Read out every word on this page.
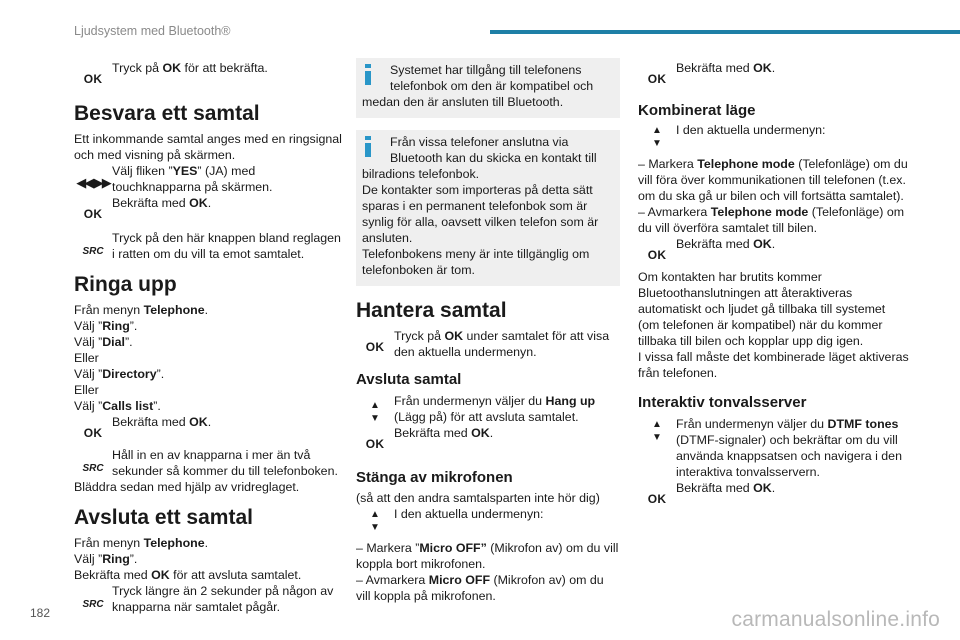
Ljudsystem med Bluetooth®
OK

Tryck på OK för att bekräfta.

Besvara ett samtal

Ett inkommande samtal anges med en ringsignal och med visning på skärmen.

◀◀ ▶▶

Välj fliken ”YES” (JA) med touchknapparna på skärmen.

OK

Bekräfta med OK.

SRC

Tryck på den här knappen bland reglagen i ratten om du vill ta emot samtalet.

Ringa upp

Från menyn Telephone.

Välj ”Ring”.

Välj ”Dial”.

Eller

Välj ”Directory”.

Eller

Välj ”Calls list”.

OK

Bekräfta med OK.

SRC

Håll in en av knapparna i mer än två sekunder så kommer du till telefonboken.

Bläddra sedan med hjälp av vridreglaget.

Avsluta ett samtal

Från menyn Telephone.

Välj ”Ring”.

Bekräfta med OK för att avsluta samtalet.

SRC

Tryck längre än 2 sekunder på någon av knapparna när samtalet pågår.

Systemet har tillgång till telefonens telefonbok om den är kompatibel och

medan den är ansluten till Bluetooth.

Från vissa telefoner anslutna via Bluetooth kan du skicka en kontakt till

bilradions telefonbok.

De kontakter som importeras på detta sätt sparas i en permanent telefonbok som är synlig för alla, oavsett vilken telefon som är ansluten.

Telefonbokens meny är inte tillgänglig om telefonboken är tom.

Hantera samtal
OK

Tryck på OK under samtalet för att visa den aktuella undermenyn.

Avsluta samtal
▲
▼

Från undermenyn väljer du Hang up (Lägg på) för att avsluta samtalet.

OK

Bekräfta med OK.

Stänga av mikrofonen

(så att den andra samtalsparten inte hör dig)

▲
▼

I den aktuella undermenyn:

– Markera ”Micro OFF” (Mikrofon av) om du vill koppla bort mikrofonen.

– Avmarkera Micro OFF (Mikrofon av) om du vill koppla på mikrofonen.

OK

Bekräfta med OK.

Kombinerat läge
▲
▼

I den aktuella undermenyn:

– Markera Telephone mode (Telefonläge) om du vill föra över kommunikationen till telefonen (t.ex. om du ska gå ur bilen och vill fortsätta samtalet).

– Avmarkera Telephone mode (Telefonläge) om du vill överföra samtalet till bilen.

OK

Bekräfta med OK.

Om kontakten har brutits kommer Bluetoothanslutningen att återaktiveras automatiskt och ljudet gå tillbaka till systemet (om telefonen är kompatibel) när du kommer tillbaka till bilen och kopplar upp dig igen.

I vissa fall måste det kombinerade läget aktiveras från telefonen.

Interaktiv tonvalsserver
▲
▼

Från undermenyn väljer du DTMF tones (DTMF-signaler) och bekräftar om du vill använda knappsatsen och navigera i den interaktiva tonvalsservern.

OK

Bekräfta med OK.

182	carmanualsonline.info
